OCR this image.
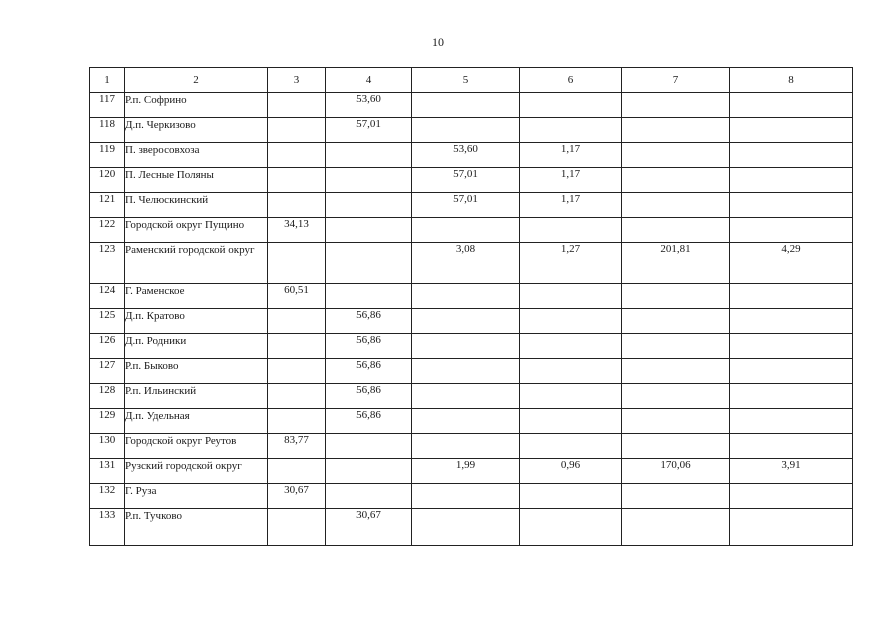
10
1	2	3	4	5	6	7	8
117	Р.п. Софрино		53,60				
118	Д.п. Черкизово		57,01				
119	П. зверосовхоза			53,60	1,17		
120	П. Лесные Поляны			57,01	1,17		
121	П. Челюскинский			57,01	1,17		
122	Городской округ Пущино	34,13					
123	Раменский городской округ			3,08	1,27	201,81	4,29
124	Г. Раменское	60,51					
125	Д.п. Кратово		56,86				
126	Д.п. Родники		56,86				
127	Р.п. Быково		56,86				
128	Р.п. Ильинский		56,86				
129	Д.п. Удельная		56,86				
130	Городской округ Реутов	83,77					
131	Рузский городской округ			1,99	0,96	170,06	3,91
132	Г. Руза	30,67					
133	Р.п. Тучково		30,67				
